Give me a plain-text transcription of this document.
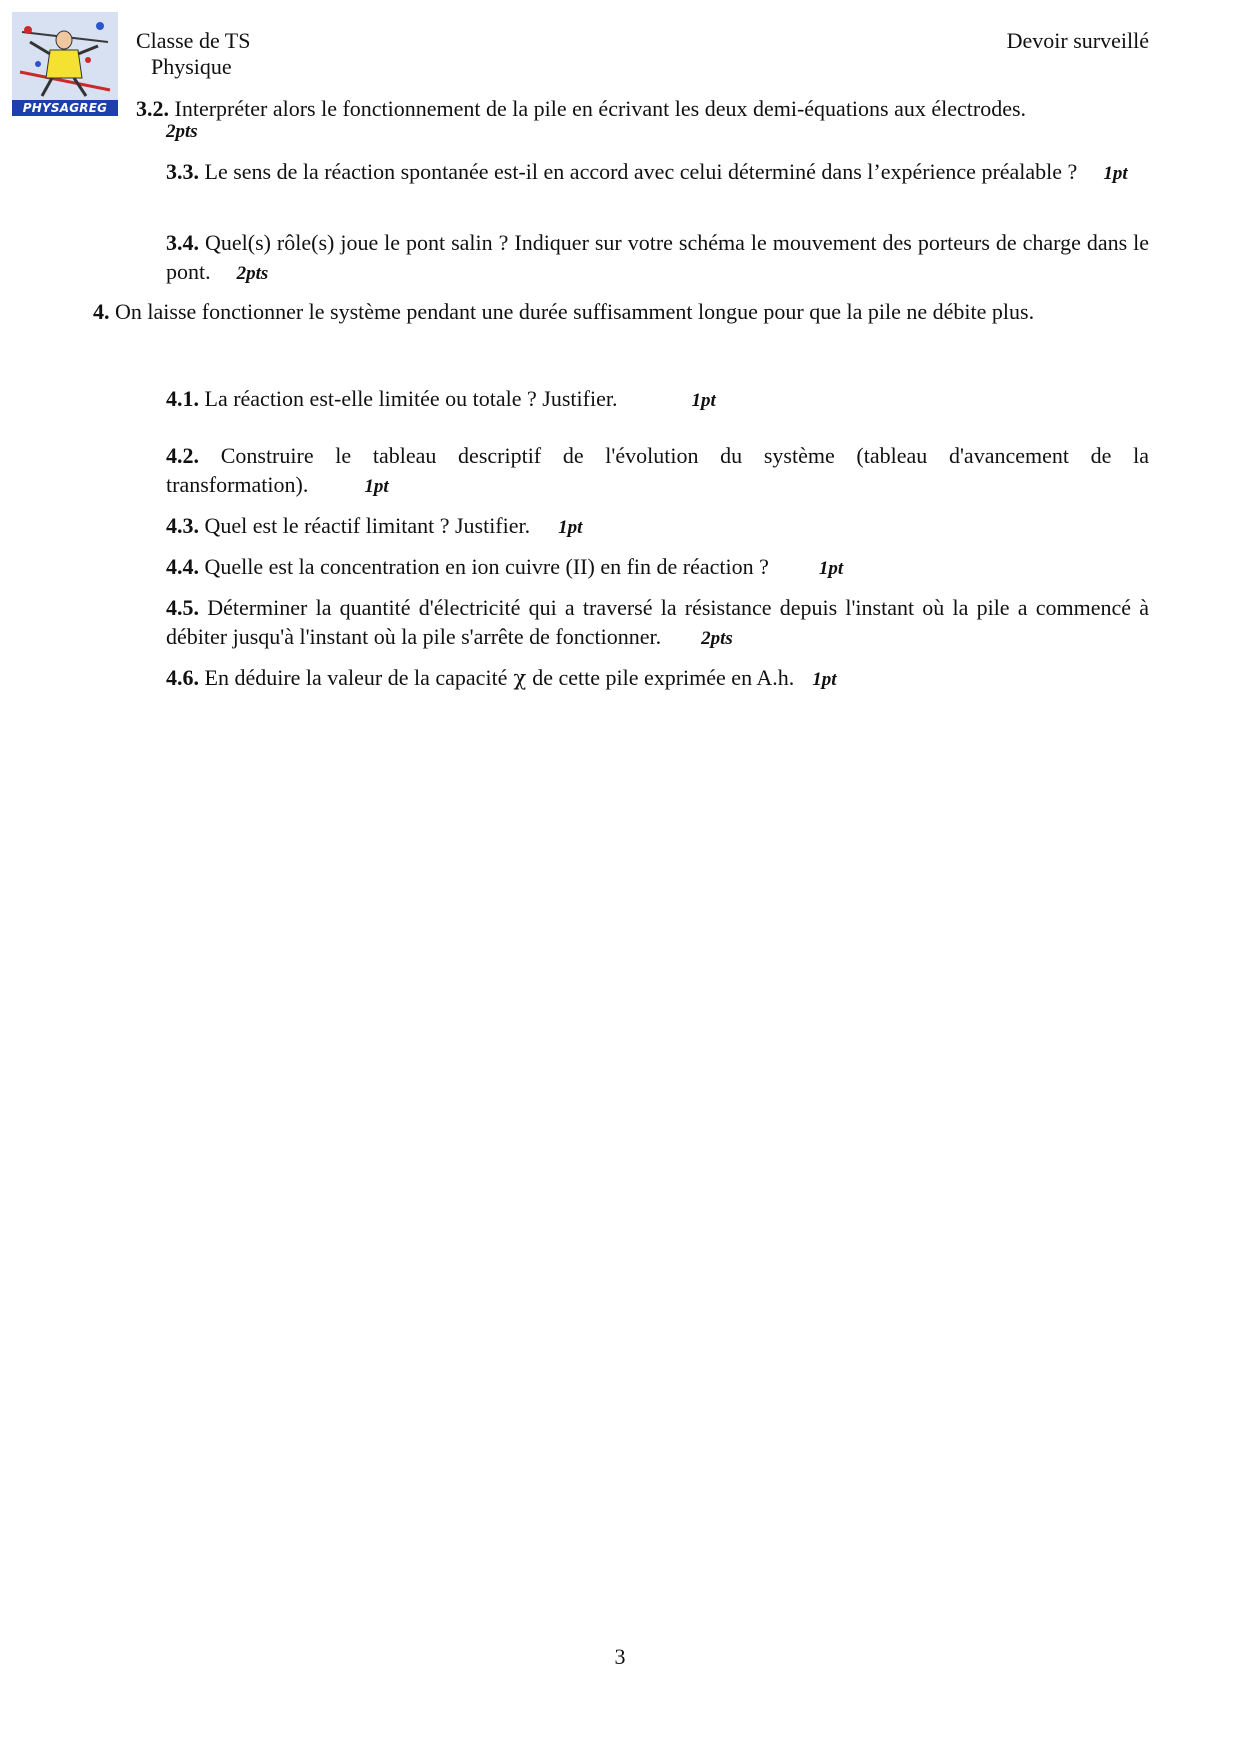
PHYSAGREG
Classe de TS
Physique
Devoir surveillé
3.2. Interpréter alors le fonctionnement de la pile en écrivant les deux demi-équations aux électrodes.
2pts
3.3. Le sens de la réaction spontanée est-il en accord avec celui déterminé dans l’expérience préalable ? 1pt
3.4. Quel(s) rôle(s) joue le pont salin ? Indiquer sur votre schéma le mouvement des porteurs de charge dans le pont. 2pts
4. On laisse fonctionner le système pendant une durée suffisamment longue pour que la pile ne débite plus.
4.1. La réaction est-elle limitée ou totale ? Justifier.	1pt
4.2. Construire le tableau descriptif de l'évolution du système (tableau d'avancement de la transformation).	1pt
4.3. Quel est le réactif limitant ? Justifier. 1pt
4.4. Quelle est la concentration en ion cuivre (II) en fin de réaction ?	1pt
4.5. Déterminer la quantité d'électricité qui a traversé la résistance depuis l'instant où la pile a commencé à débiter jusqu'à l'instant où la pile s'arrête de fonctionner. 2pts
4.6. En déduire la valeur de la capacité χ de cette pile exprimée en A.h. 1pt
3
